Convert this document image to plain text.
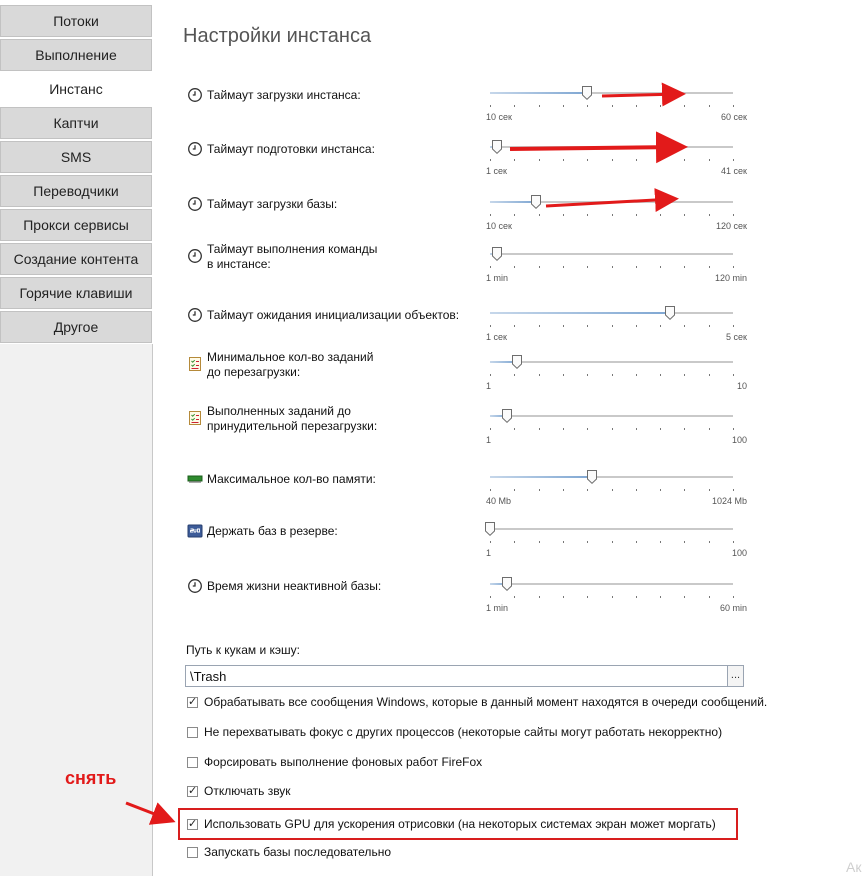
Потоки
Выполнение
Инстанс
Каптчи
SMS
Переводчики
Прокси сервисы
Создание контента
Горячие клавиши
Другое
Настройки инстанса
Таймаут загрузки инстанса:
10 сек	60 сек
Таймаут подготовки инстанса:
1 сек	41 сек
Таймаут загрузки базы:
10 сек	120 сек
Таймаут выполнения команды
в инстансе:
1 min	120 min
Таймаут ожидания инициализации объектов:
1 сек	5 сек
Минимальное кол-во заданий
до перезагрузки:
1	10
Выполненных заданий до
принудительной перезагрузки:
1	100
Максимальное кол-во памяти:
40 Mb	1024 Mb
Держать баз в резерве:
1	100
Время жизни неактивной базы:
1 min	60 min
Путь к кукам и кэшу:
\Trash
...
✓
Обрабатывать все сообщения Windows, которые в данный момент находятся в очереди сообщений.
Не перехватывать фокус с других процессов (некоторые сайты могут работать некорректно)
Форсировать выполнение фоновых работ FireFox
✓
Отключать звук
✓
Использовать GPU для ускорения отрисовки (на некоторых системах экран может моргать)
Запускать базы последовательно
снять
Ак
